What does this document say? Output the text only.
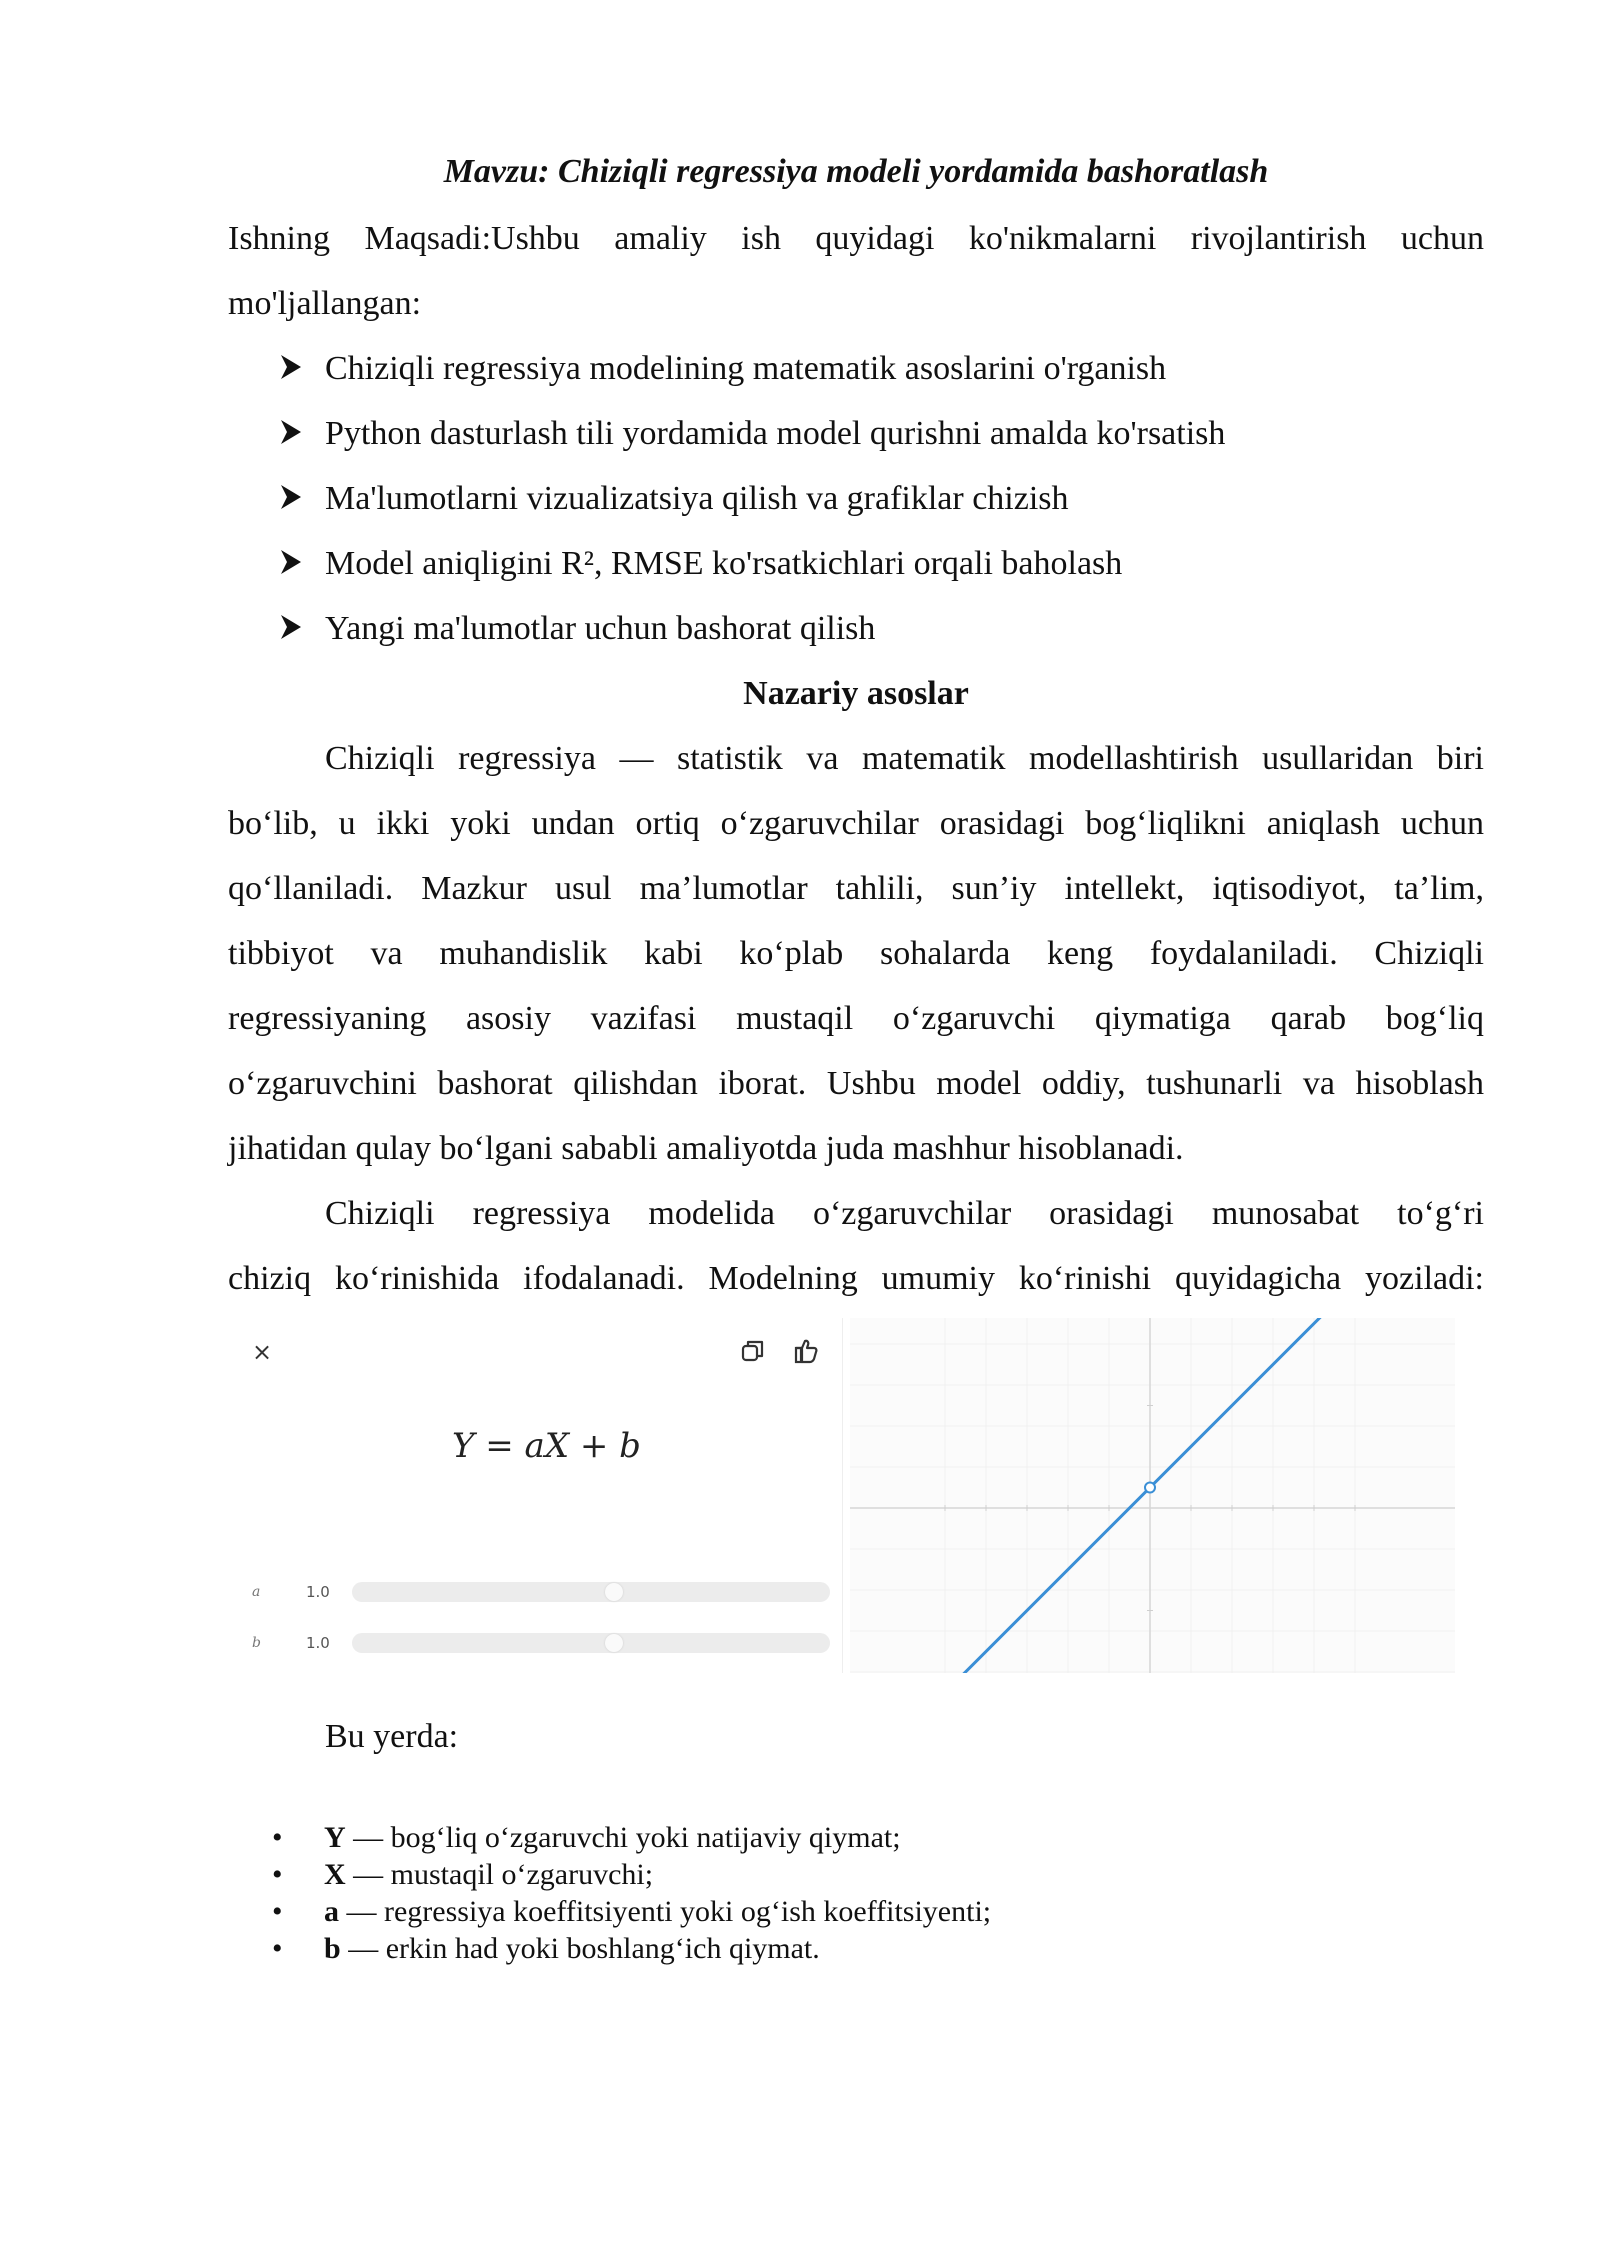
Mavzu: Chiziqli regressiya modeli yordamida bashoratlash
Ishning Maqsadi:Ushbu amaliy ish quyidagi ko'nikmalarni rivojlantirish uchun
mo'ljallangan:
Chiziqli regressiya modelining matematik asoslarini o'rganish
Python dasturlash tili yordamida model qurishni amalda ko'rsatish
Ma'lumotlarni vizualizatsiya qilish va grafiklar chizish
Model aniqligini R², RMSE ko'rsatkichlari orqali baholash
Yangi ma'lumotlar uchun bashorat qilish
Nazariy asoslar
Chiziqli regressiya — statistik va matematik modellashtirish usullaridan biri
bo‘lib, u ikki yoki undan ortiq o‘zgaruvchilar orasidagi bog‘liqlikni aniqlash uchun
qo‘llaniladi. Mazkur usul ma’lumotlar tahlili, sun’iy intellekt, iqtisodiyot, ta’lim,
tibbiyot va muhandislik kabi ko‘plab sohalarda keng foydalaniladi. Chiziqli
regressiyaning asosiy vazifasi mustaqil o‘zgaruvchi qiymatiga qarab bog‘liq
o‘zgaruvchini bashorat qilishdan iborat. Ushbu model oddiy, tushunarli va hisoblash
jihatidan qulay bo‘lgani sababli amaliyotda juda mashhur hisoblanadi.
Chiziqli regressiya modelida o‘zgaruvchilar orasidagi munosabat to‘g‘ri
chiziq ko‘rinishida ifodalanadi. Modelning umumiy ko‘rinishi quyidagicha yoziladi:
×
Y = aX + b
a	1.0
b	1.0
Bu yerda:
• Y — bog‘liq o‘zgaruvchi yoki natijaviy qiymat;
• X — mustaqil o‘zgaruvchi;
• a — regressiya koeffitsiyenti yoki og‘ish koeffitsiyenti;
• b — erkin had yoki boshlang‘ich qiymat.
